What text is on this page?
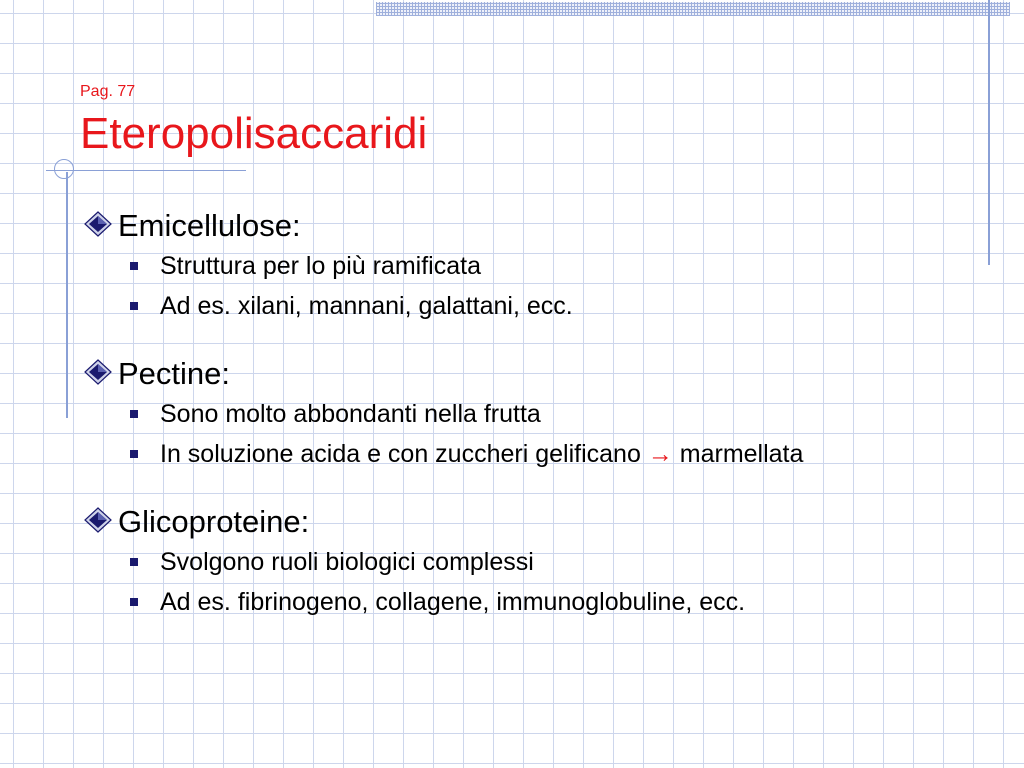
Pag. 77
Eteropolisaccaridi
Emicellulose:
Struttura per lo più ramificata
Ad es. xilani, mannani, galattani, ecc.
Pectine:
Sono molto abbondanti nella frutta
In soluzione acida e con zuccheri gelificano → marmellata
Glicoproteine:
Svolgono ruoli biologici complessi
Ad es. fibrinogeno, collagene, immunoglobuline, ecc.
